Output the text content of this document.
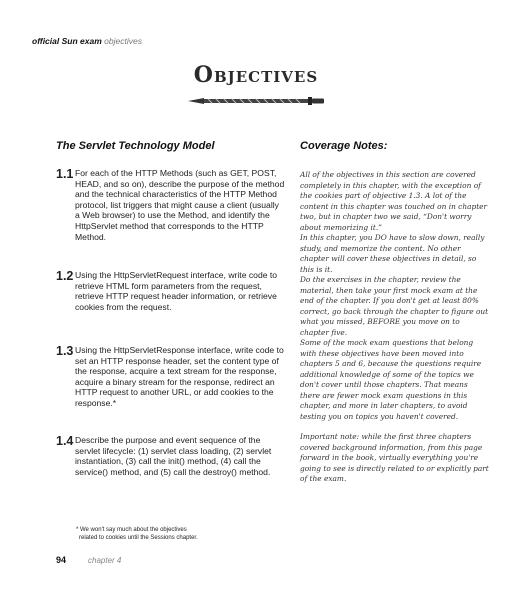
official Sun exam objectives
Objectives
The Servlet Technology Model	Coverage Notes:
1.1 For each of the HTTP Methods (such as GET, POST, HEAD, and so on), describe the purpose of the method and the technical characteristics of the HTTP Method protocol, list triggers that might cause a client (usually a Web browser) to use the Method, and identify the HttpServlet method that corresponds to the HTTP Method.
1.2 Using the HttpServletRequest interface, write code to retrieve HTML form parameters from the request, retrieve HTTP request header information, or retrieve cookies from the request.
1.3 Using the HttpServletResponse interface, write code to set an HTTP response header, set the content type of the response, acquire a text stream for the response, acquire a binary stream for the response, redirect an HTTP request to another URL, or add cookies to the response.*
1.4 Describe the purpose and event sequence of the servlet lifecycle: (1) servlet class loading, (2) servlet instantiation, (3) call the init() method, (4) call the service() method, and (5) call the destroy() method.
* We won't say much about the objectives
related to cookies until the Sessions chapter.

All of the objectives in this section are covered completely in this chapter, with the exception of the cookies part of objective 1.3. A lot of the content in this chapter was touched on in chapter two, but in chapter two we said, “Don't worry about memorizing it.”

In this chapter, you DO have to slow down, really study, and memorize the content. No other chapter will cover these objectives in detail, so this is it.

Do the exercises in the chapter, review the material, then take your first mock exam at the end of the chapter. If you don't get at least 80% correct, go back through the chapter to figure out what you missed, BEFORE you move on to chapter five.

Some of the mock exam questions that belong with these objectives have been moved into chapters 5 and 6, because the questions require additional knowledge of some of the topics we don't cover until those chapters. That means there are fewer mock exam questions in this chapter, and more in later chapters, to avoid testing you on topics you haven't covered.

Important note: while the first three chapters covered background information, from this page forward in the book, virtually everything you're going to see is directly related to or explicitly part of the exam.

94	chapter 4
